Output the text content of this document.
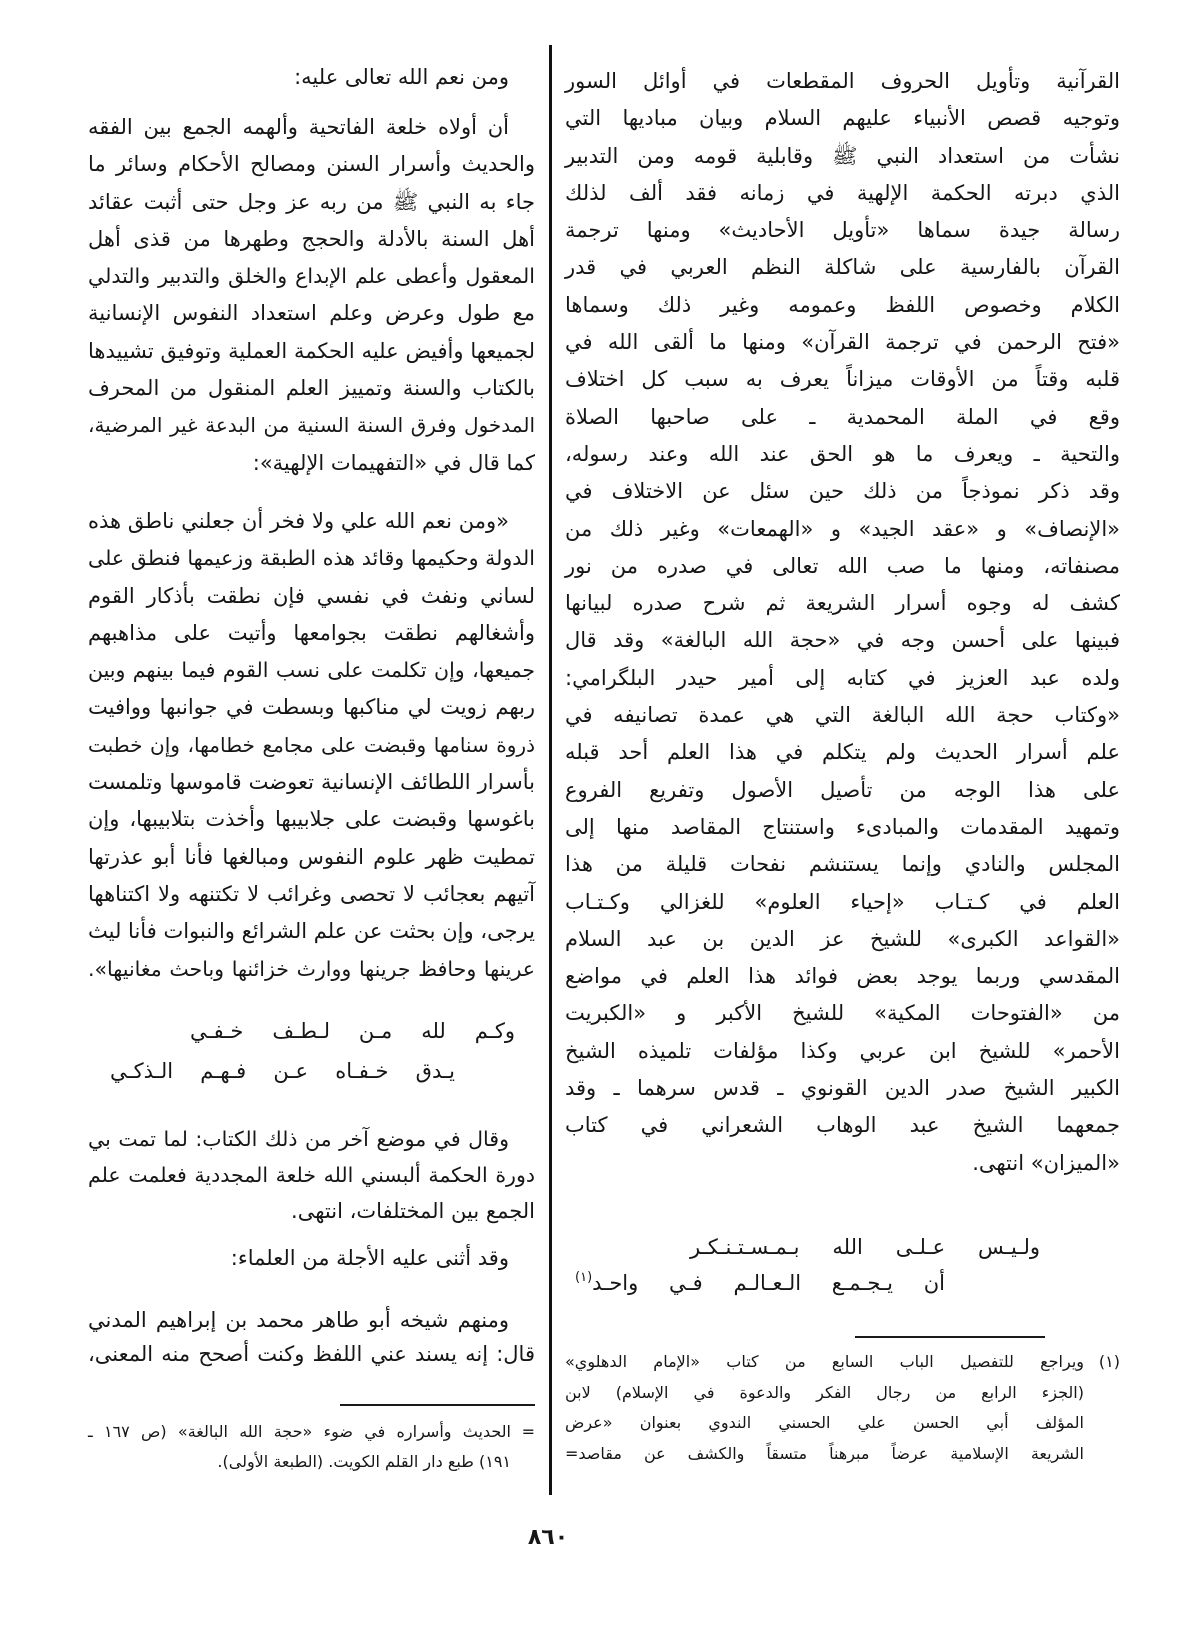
القرآنية وتأويل الحروف المقطعات في أوائل السور
وتوجيه قصص الأنبياء عليهم السلام وبيان مباديها التي
نشأت من استعداد النبي ﷺ وقابلية قومه ومن التدبير
الذي دبرته الحكمة الإلهية في زمانه فقد ألف لذلك
رسالة جيدة سماها «تأويل الأحاديث» ومنها ترجمة
القرآن بالفارسية على شاكلة النظم العربي في قدر
الكلام وخصوص اللفظ وعمومه وغير ذلك وسماها
«فتح الرحمن في ترجمة القرآن» ومنها ما ألقى الله في
قلبه وقتاً من الأوقات ميزاناً يعرف به سبب كل اختلاف
وقع في الملة المحمدية ـ على صاحبها الصلاة
والتحية ـ ويعرف ما هو الحق عند الله وعند رسوله،
وقد ذكر نموذجاً من ذلك حين سئل عن الاختلاف في
«الإنصاف» و «عقد الجيد» و «الهمعات» وغير ذلك من
مصنفاته، ومنها ما صب الله تعالى في صدره من نور
كشف له وجوه أسرار الشريعة ثم شرح صدره لبيانها
فبينها على أحسن وجه في «حجة الله البالغة» وقد قال
ولده عبد العزيز في كتابه إلى أمير حيدر البلگرامي:
«وكتاب حجة الله البالغة التي هي عمدة تصانيفه في
علم أسرار الحديث ولم يتكلم في هذا العلم أحد قبله
على هذا الوجه من تأصيل الأصول وتفريع الفروع
وتمهيد المقدمات والمبادىء واستنتاج المقاصد منها إلى
المجلس والنادي وإنما يستنشم نفحات قليلة من هذا
العلم في كـتـاب «إحياء العلوم» للغزالي وكـتـاب
«القواعد الكبرى» للشيخ عز الدين بن عبد السلام
المقدسي وربما يوجد بعض فوائد هذا العلم في مواضع
من «الفتوحات المكية» للشيخ الأكبر و «الكبريت
الأحمر» للشيخ ابن عربي وكذا مؤلفات تلميذه الشيخ
الكبير الشيخ صدر الدين القونوي ـ قدس سرهما ـ وقد
جمعهما الشيخ عبد الوهاب الشعراني في كتاب
«الميزان» انتهى.
ولـيـس عـلـى الله بـمـسـتـنـكـر
أن يـجـمـع الـعـالـم فـي واحـد$^{(١)}$
(١)
ويراجع للتفصيل الباب السابع من كتاب «الإمام الدهلوي»
(الجزء الرابع من رجال الفكر والدعوة في الإسلام) لابن
المؤلف أبي الحسن علي الحسني الندوي بعنوان «عرض
الشريعة الإسلامية عرضاً مبرهناً متسقاً والكشف عن مقاصد=
ومن نعم الله تعالى عليه:
أن أولاه خلعة الفاتحية وألهمه الجمع بين الفقه
والحديث وأسرار السنن ومصالح الأحكام وسائر ما
جاء به النبي ﷺ من ربه عز وجل حتى أثبت عقائد
أهل السنة بالأدلة والحجج وطهرها من قذى أهل
المعقول وأعطى علم الإبداع والخلق والتدبير والتدلي
مع طول وعرض وعلم استعداد النفوس الإنسانية
لجميعها وأفيض عليه الحكمة العملية وتوفيق تشييدها
بالكتاب والسنة وتمييز العلم المنقول من المحرف
المدخول وفرق السنة السنية من البدعة غير المرضية،
كما قال في «التفهيمات الإلهية»:
«ومن نعم الله علي ولا فخر أن جعلني ناطق هذه
الدولة وحكيمها وقائد هذه الطبقة وزعيمها فنطق على
لساني ونفث في نفسي فإن نطقت بأذكار القوم
وأشغالهم نطقت بجوامعها وأتيت على مذاهبهم
جميعها، وإن تكلمت على نسب القوم فيما بينهم وبين
ربهم زويت لي مناكبها وبسطت في جوانبها ووافيت
ذروة سنامها وقبضت على مجامع خطامها، وإن خطبت
بأسرار اللطائف الإنسانية تعوضت قاموسها وتلمست
باغوسها وقبضت على جلابيبها وأخذت بتلابيبها، وإن
تمطيت ظهر علوم النفوس ومبالغها فأنا أبو عذرتها
آتيهم بعجائب لا تحصى وغرائب لا تكتنهه ولا اكتناهها
يرجى، وإن بحثت عن علم الشرائع والنبوات فأنا ليث
عرينها وحافظ جرينها ووارث خزائنها وباحث مغانيها».
وكـم لله مـن لـطـف خـفـي
يـدق خـفـاه عـن فـهـم الـذكـي
وقال في موضع آخر من ذلك الكتاب: لما تمت بي
دورة الحكمة ألبسني الله خلعة المجددية فعلمت علم
الجمع بين المختلفات، انتهى.
وقد أثنى عليه الأجلة من العلماء:
ومنهم شيخه أبو طاهر محمد بن إبراهيم المدني
قال: إنه يسند عني اللفظ وكنت أصحح منه المعنى،
=
الحديث وأسراره في ضوء «حجة الله البالغة» (ص ١٦٧ ـ
١٩١) طبع دار القلم الكويت. (الطبعة الأولى).
٨٦٠
